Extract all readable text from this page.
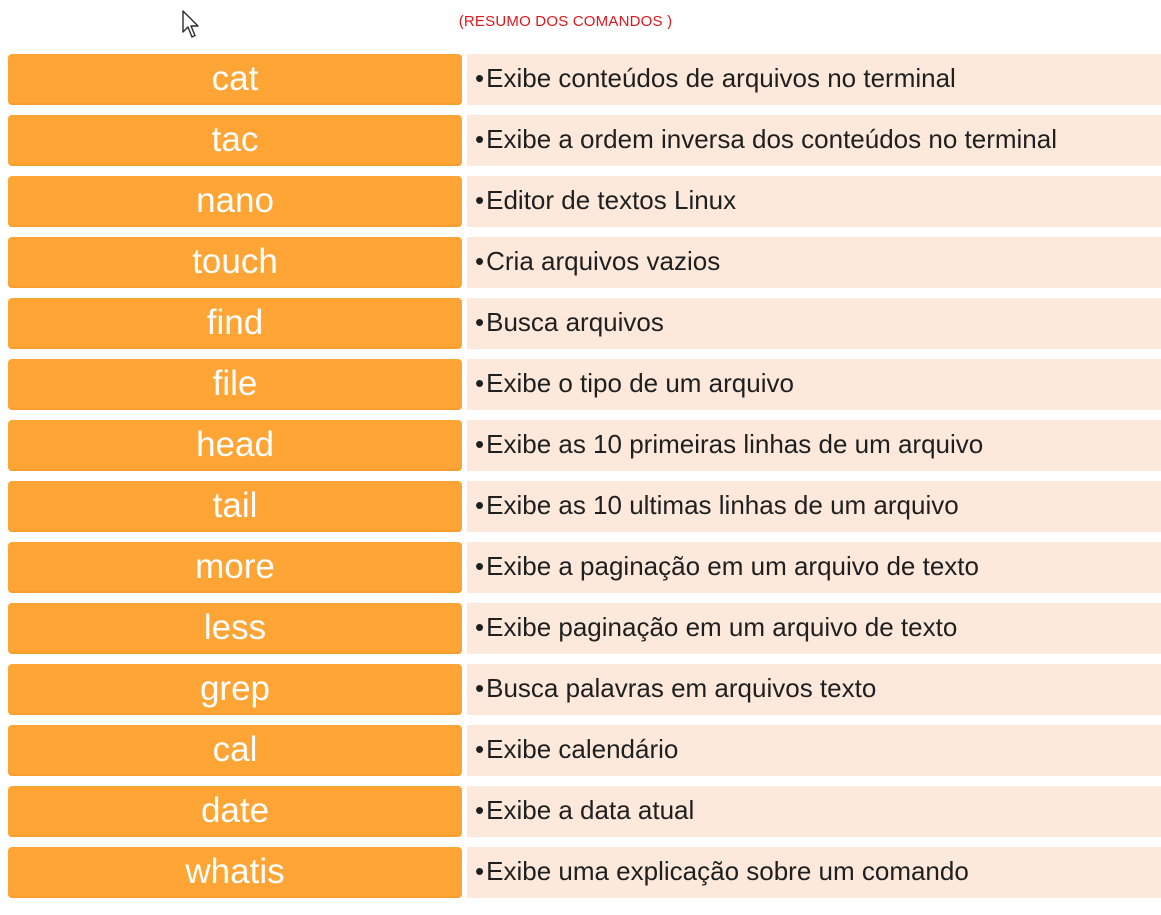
(RESUMO DOS COMANDOS )
cat	• Exibe conteúdos de arquivos no terminal
tac	• Exibe a ordem inversa dos conteúdos no terminal
nano	• Editor de textos Linux
touch	• Cria arquivos vazios
find	• Busca arquivos
file	• Exibe o tipo de um arquivo
head	• Exibe as 10 primeiras linhas de um arquivo
tail	• Exibe as 10 ultimas linhas de um arquivo
more	• Exibe a paginação em um arquivo de texto
less	• Exibe paginação em um arquivo de texto
grep	• Busca palavras em arquivos texto
cal	• Exibe calendário
date	• Exibe a data atual
whatis	• Exibe uma explicação sobre um comando
